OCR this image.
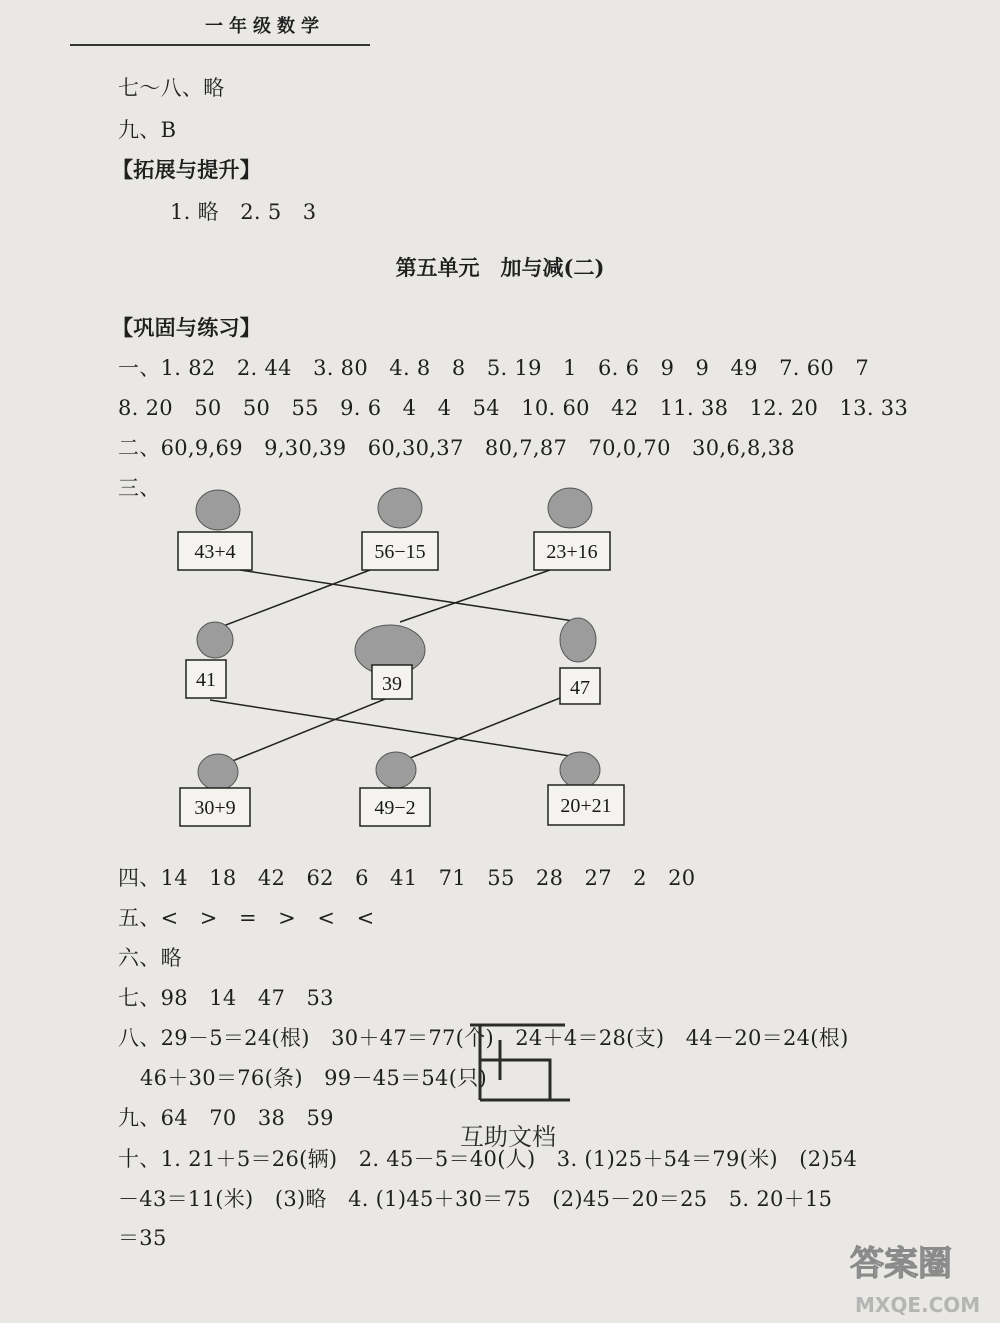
一年级数学
七～八、略
九、B
【拓展与提升】
1. 略　2. 5　3
第五单元　加与减(二)
【巩固与练习】
一、1. 82　2. 44　3. 80　4. 8　8　5. 19　1　6. 6　9　9　49　7. 60　7
8. 20　50　50　55　9. 6　4　4　54　10. 60　42　11. 38　12. 20　13. 33
二、60,9,69　9,30,39　60,30,37　80,7,87　70,0,70　30,6,8,38
三、
43+4	56−15	23+16
41	39	47
30+9	49−2	20+21
四、14　18　42　62　6　41　71　55　28　27　2　20
五、<　>　=　>　<　<
六、略
七、98　14　47　53
八、29－5＝24(根)　30＋47＝77(个)　24＋4＝28(支)　44－20＝24(根)
46＋30＝76(条)　99－45＝54(只)
九、64　70　38　59
十、1. 21＋5＝26(辆)　2. 45－5＝40(人)　3. (1)25＋54＝79(米)　(2)54
－43＝11(米)　(3)略　4. (1)45＋30＝75　(2)45－20＝25　5. 20＋15
＝35
互助文档
答案圈
MXQE.COM
